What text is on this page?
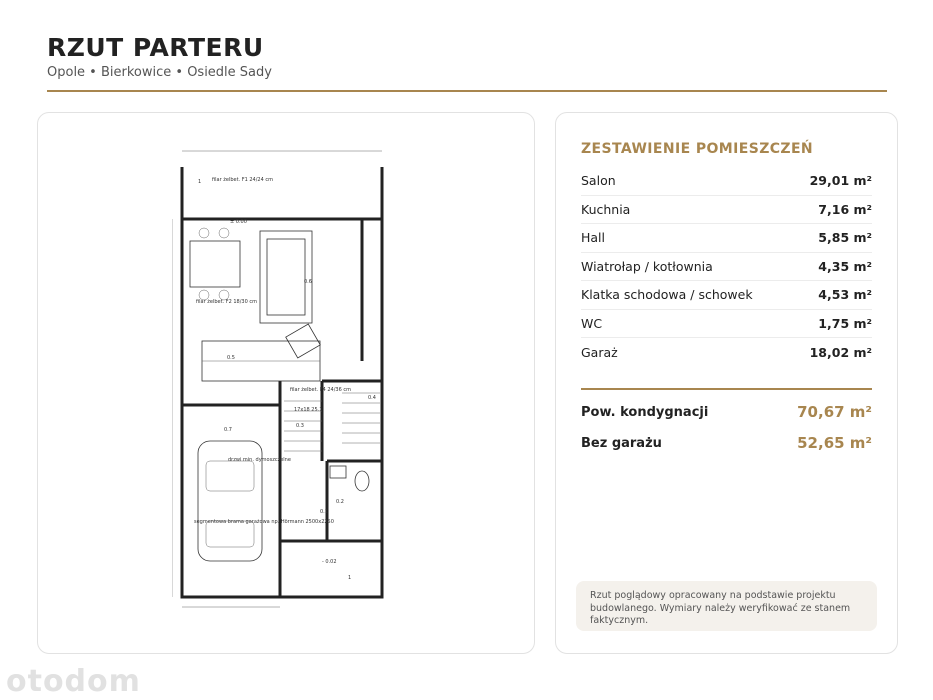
RZUT PARTERU
Opole • Bierkowice • Osiedle Sady
0.6
0.5
0.4
0.3
0.7
0.2
0.1
1
1
filar żelbet. F1 24/24 cm
filar żelbet. F2 18/30 cm
filar żelbet. F4 24/36 cm
± 0.00
- 0.02
17x18 25.1
segmentowa brama garażowa np. Hörmann 2500x2250
drzwi min. dymoszczelne
ZESTAWIENIE POMIESZCZEŃ
Salon	29,01 m²
Kuchnia	7,16 m²
Hall	5,85 m²
Wiatrołap / kotłownia	4,35 m²
Klatka schodowa / schowek	4,53 m²
WC	1,75 m²
Garaż	18,02 m²
Pow. kondygnacji	70,67 m²
Bez garażu	52,65 m²
Rzut poglądowy opracowany na podstawie projektu budowlanego. Wymiary należy weryfikować ze stanem faktycznym.
otodom
